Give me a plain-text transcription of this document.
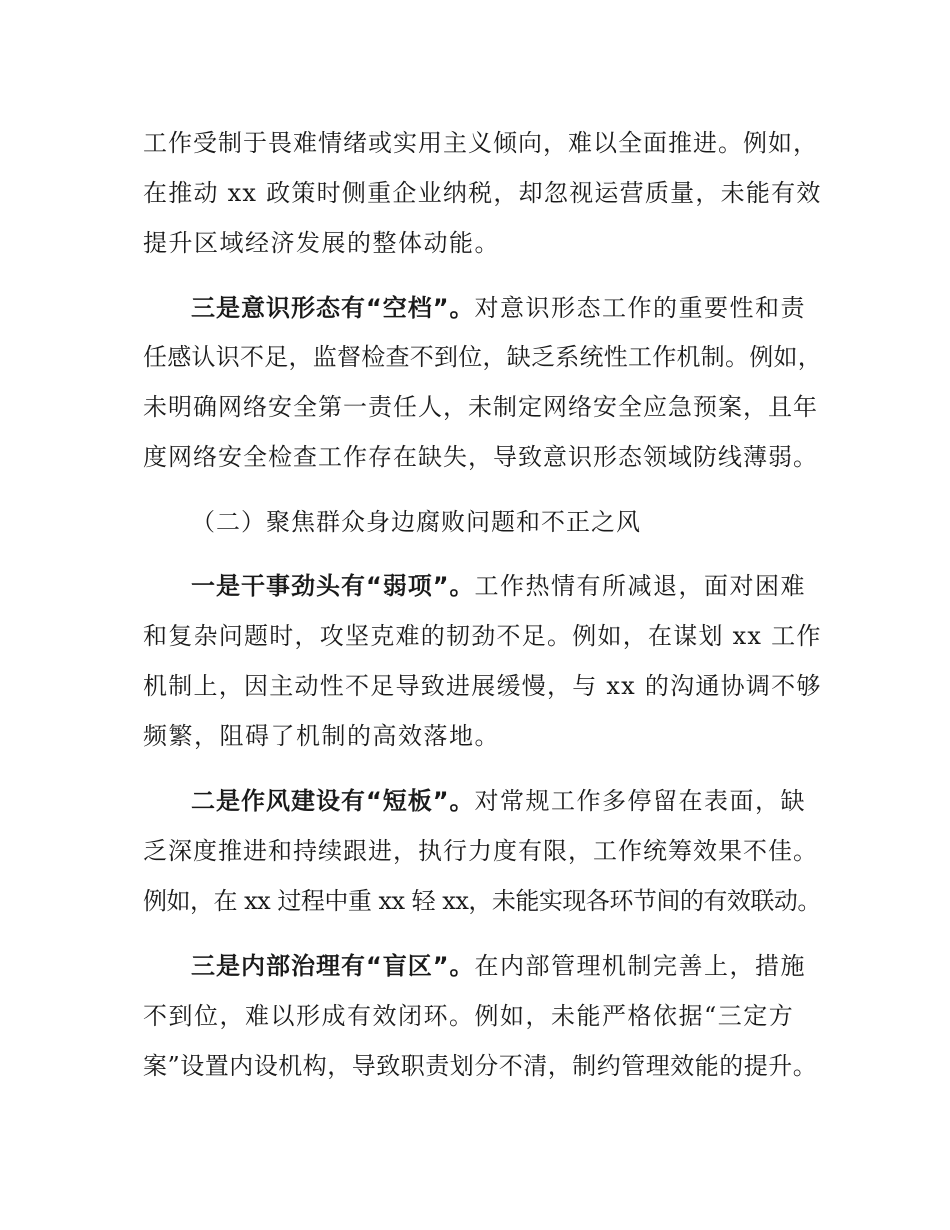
工作受制于畏难情绪或实用主义倾向，难以全面推进。例如，
在推动 xx 政策时侧重企业纳税，却忽视运营质量，未能有效
提升区域经济发展的整体动能。
三是意识形态有“空档”。对意识形态工作的重要性和责
任感认识不足，监督检查不到位，缺乏系统性工作机制。例如，
未明确网络安全第一责任人，未制定网络安全应急预案，且年
度网络安全检查工作存在缺失，导致意识形态领域防线薄弱。
（二）聚焦群众身边腐败问题和不正之风
一是干事劲头有“弱项”。工作热情有所减退，面对困难
和复杂问题时，攻坚克难的韧劲不足。例如，在谋划 xx 工作
机制上，因主动性不足导致进展缓慢，与 xx 的沟通协调不够
频繁，阻碍了机制的高效落地。
二是作风建设有“短板”。对常规工作多停留在表面，缺
乏深度推进和持续跟进，执行力度有限，工作统筹效果不佳。
例如，在 xx 过程中重 xx 轻 xx，未能实现各环节间的有效联动。
三是内部治理有“盲区”。在内部管理机制完善上，措施
不到位，难以形成有效闭环。例如，未能严格依据“三定方
案”设置内设机构，导致职责划分不清，制约管理效能的提升。
